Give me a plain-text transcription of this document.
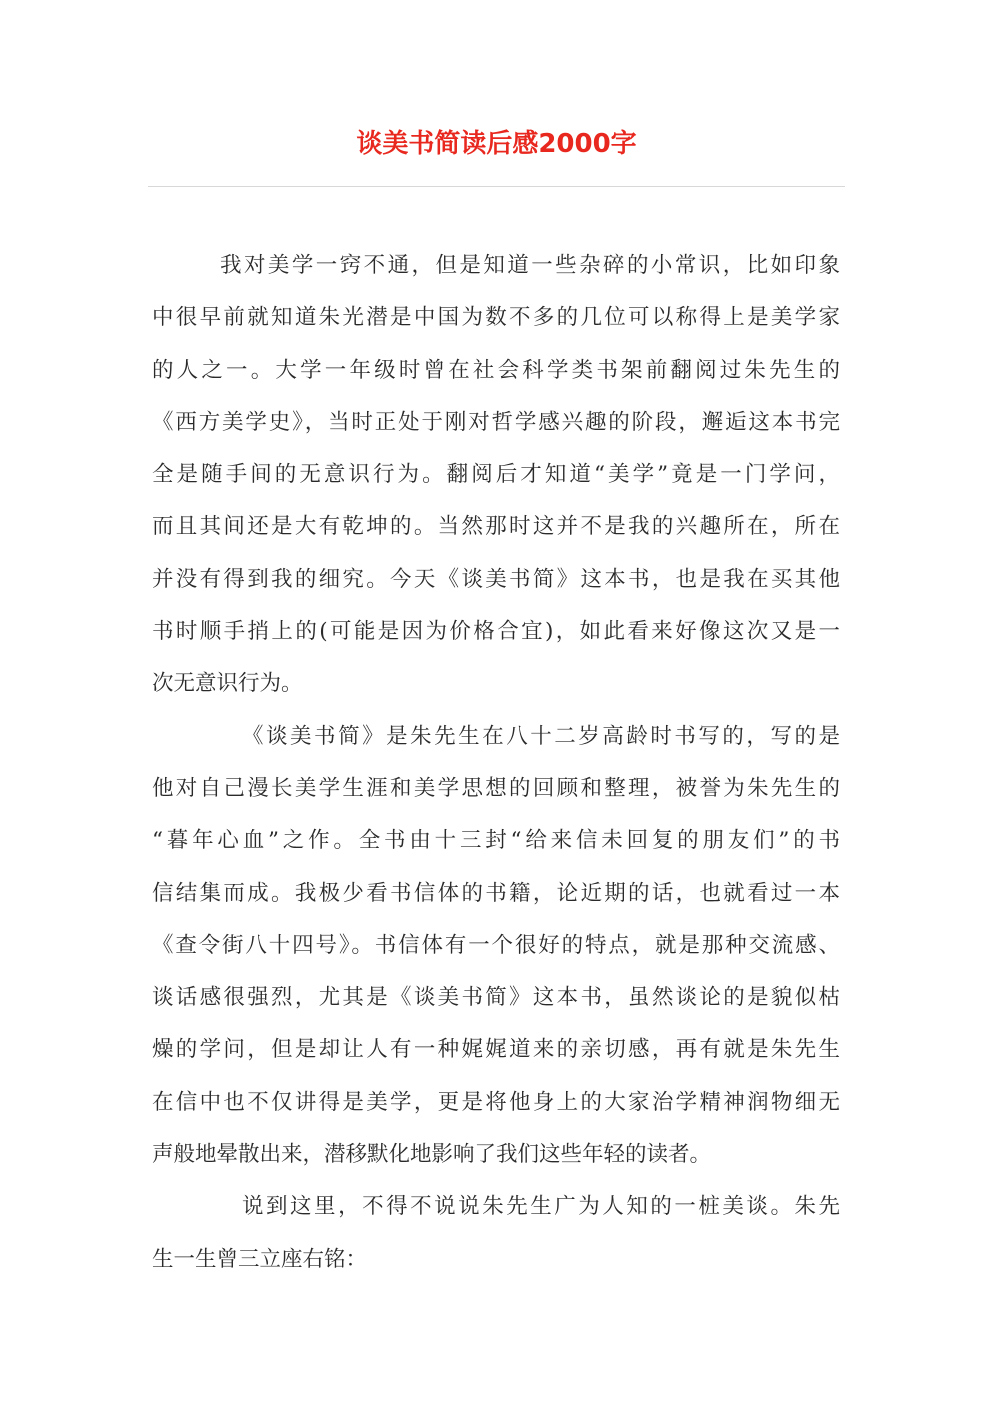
谈美书简读后感2000字
我对美学一窍不通，但是知道一些杂碎的小常识，比如印象
中很早前就知道朱光潜是中国为数不多的几位可以称得上是美学家
的人之一。大学一年级时曾在社会科学类书架前翻阅过朱先生的
《西方美学史》，当时正处于刚对哲学感兴趣的阶段，邂逅这本书完
全是随手间的无意识行为。翻阅后才知道“美学”竟是一门学问，
而且其间还是大有乾坤的。当然那时这并不是我的兴趣所在，所在
并没有得到我的细究。今天《谈美书简》这本书，也是我在买其他
书时顺手捎上的(可能是因为价格合宜)，如此看来好像这次又是一
次无意识行为。
《谈美书简》是朱先生在八十二岁高龄时书写的，写的是
他对自己漫长美学生涯和美学思想的回顾和整理，被誉为朱先生的
“暮年心血”之作。全书由十三封“给来信未回复的朋友们”的书
信结集而成。我极少看书信体的书籍，论近期的话，也就看过一本
《查令街八十四号》。书信体有一个很好的特点，就是那种交流感、
谈话感很强烈，尤其是《谈美书简》这本书，虽然谈论的是貌似枯
燥的学问，但是却让人有一种娓娓道来的亲切感，再有就是朱先生
在信中也不仅讲得是美学，更是将他身上的大家治学精神润物细无
声般地晕散出来，潜移默化地影响了我们这些年轻的读者。
说到这里，不得不说说朱先生广为人知的一桩美谈。朱先
生一生曾三立座右铭：
